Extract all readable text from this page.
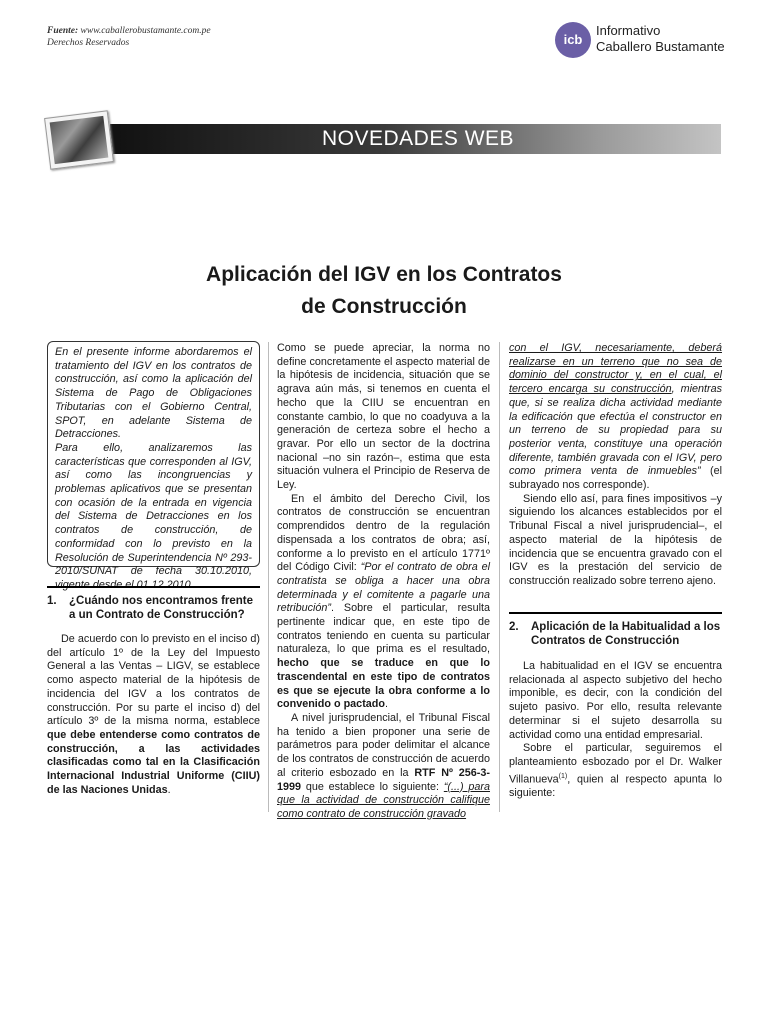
Fuente: www.caballerobustamante.com.pe
Derechos Reservados	icb
Informativo
Caballero Bustamante
NOVEDADES WEB
Aplicación del IGV en los Contratos
de Construcción

En el presente informe abordaremos el tratamiento del IGV en los contratos de construcción, así como la aplicación del Sistema de Pago de Obligaciones Tributarias con el Gobierno Central, SPOT, en adelante Sistema de Detracciones.

Para ello, analizaremos las características que corresponden al IGV, así como las incongruencias y problemas aplicativos que se presentan con ocasión de la entrada en vigencia del Sistema de Detracciones en los contratos de construcción, de conformidad con lo previsto en la Resolución de Superintendencia Nº 293-2010/SUNAT de fecha 30.10.2010, vigente desde el 01.12.2010.

1.	¿Cuándo nos encontramos frente a un Contrato de Construcción?

De acuerdo con lo previsto en el inciso d) del artículo 1º de la Ley del Impuesto General a las Ventas – LIGV, se establece como aspecto material de la hipótesis de incidencia del IGV a los contratos de construcción. Por su parte el inciso d) del artículo 3º de la misma norma, establece que debe entenderse como contratos de construcción, a las actividades clasificadas como tal en la Clasificación Internacional Industrial Uniforme (CIIU) de las Naciones Unidas.

Como se puede apreciar, la norma no define concretamente el aspecto material de la hipótesis de incidencia, situación que se agrava aún más, si tenemos en cuenta el hecho que la CIIU se encuentran en constante cambio, lo que no coadyuva a la generación de certeza sobre el hecho a gravar. Por ello un sector de la doctrina nacional –no sin razón–, estima que esta situación vulnera el Principio de Reserva de Ley.

En el ámbito del Derecho Civil, los contratos de construcción se encuentran comprendidos dentro de la regulación dispensada a los contratos de obra; así, conforme a lo previsto en el artículo 1771º del Código Civil: “Por el contrato de obra el contratista se obliga a hacer una obra determinada y el comitente a pagarle una retribución”. Sobre el particular, resulta pertinente indicar que, en este tipo de contratos teniendo en cuenta su particular naturaleza, lo que prima es el resultado, hecho que se traduce en que lo trascendental en este tipo de contratos es que se ejecute la obra conforme a lo convenido o pactado.

A nivel jurisprudencial, el Tribunal Fiscal ha tenido a bien proponer una serie de parámetros para poder delimitar el alcance de los contratos de construcción de acuerdo al criterio esbozado en la RTF Nº 256-3-1999 que establece lo siguiente: “(...) para que la actividad de construcción califique como contrato de construcción gravado

con el IGV, necesariamente, deberá realizarse en un terreno que no sea de dominio del constructor y, en el cual, el tercero encarga su construcción, mientras que, si se realiza dicha actividad mediante la edificación que efectúa el constructor en un terreno de su propiedad para su posterior venta, constituye una operación diferente, también gravada con el IGV, pero como primera venta de inmuebles” (el subrayado nos corresponde).

Siendo ello así, para fines impositivos –y siguiendo los alcances establecidos por el Tribunal Fiscal a nivel jurisprudencial–, el aspecto material de la hipótesis de incidencia que se encuentra gravado con el IGV es la prestación del servicio de construcción realizado sobre terreno ajeno.

2.	Aplicación de la Habitualidad a los Contratos de Construcción

La habitualidad en el IGV se encuentra relacionada al aspecto subjetivo del hecho imponible, es decir, con la condición del sujeto pasivo. Por ello, resulta relevante determinar si el sujeto desarrolla su actividad como una entidad empresarial.

Sobre el particular, seguiremos el planteamiento esbozado por el Dr. Walker Villanueva$^{(1)}$, quien al respecto apunta lo siguiente:
